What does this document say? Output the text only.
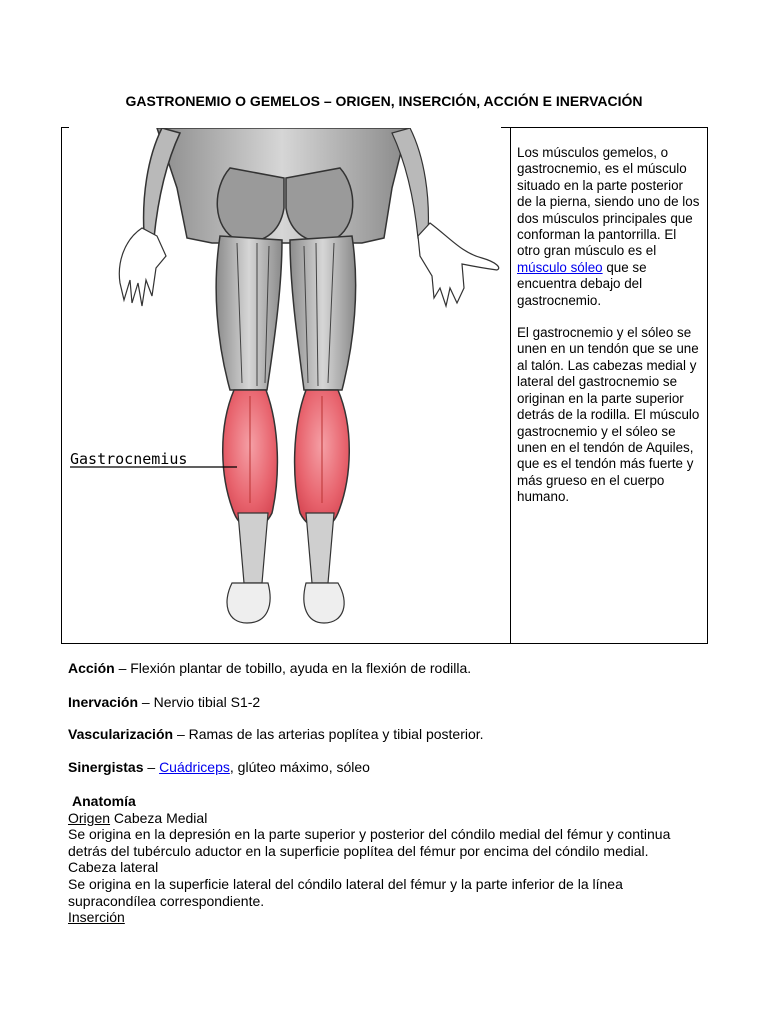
GASTRONEMIO O GEMELOS – ORIGEN, INSERCIÓN, ACCIÓN E INERVACIÓN
Gastrocnemius

Los músculos gemelos, o gastrocnemio, es el músculo situado en la parte posterior de la pierna, siendo uno de los dos músculos principales que conforman la pantorrilla. El otro gran músculo es el músculo sóleo que se encuentra debajo del gastrocnemio.

El gastrocnemio y el sóleo se unen en un tendón que se une al talón. Las cabezas medial y lateral del gastrocnemio se originan en la parte superior detrás de la rodilla. El músculo gastrocnemio y el sóleo se unen en el tendón de Aquiles, que es el tendón más fuerte y más grueso en el cuerpo humano.

Acción – Flexión plantar de tobillo, ayuda en la flexión de rodilla.
Inervación – Nervio tibial S1-2
Vascularización – Ramas de las arterias poplítea y tibial posterior.
Sinergistas – Cuádriceps, glúteo máximo, sóleo
Anatomía
Origen Cabeza Medial
Se origina en la depresión en la parte superior y posterior del cóndilo medial del fémur y continua detrás del tubérculo aductor en la superficie poplítea del fémur por encima del cóndilo medial.
Cabeza lateral
Se origina en la superficie lateral del cóndilo lateral del fémur y la parte inferior de la línea supracondílea correspondiente.
Inserción
